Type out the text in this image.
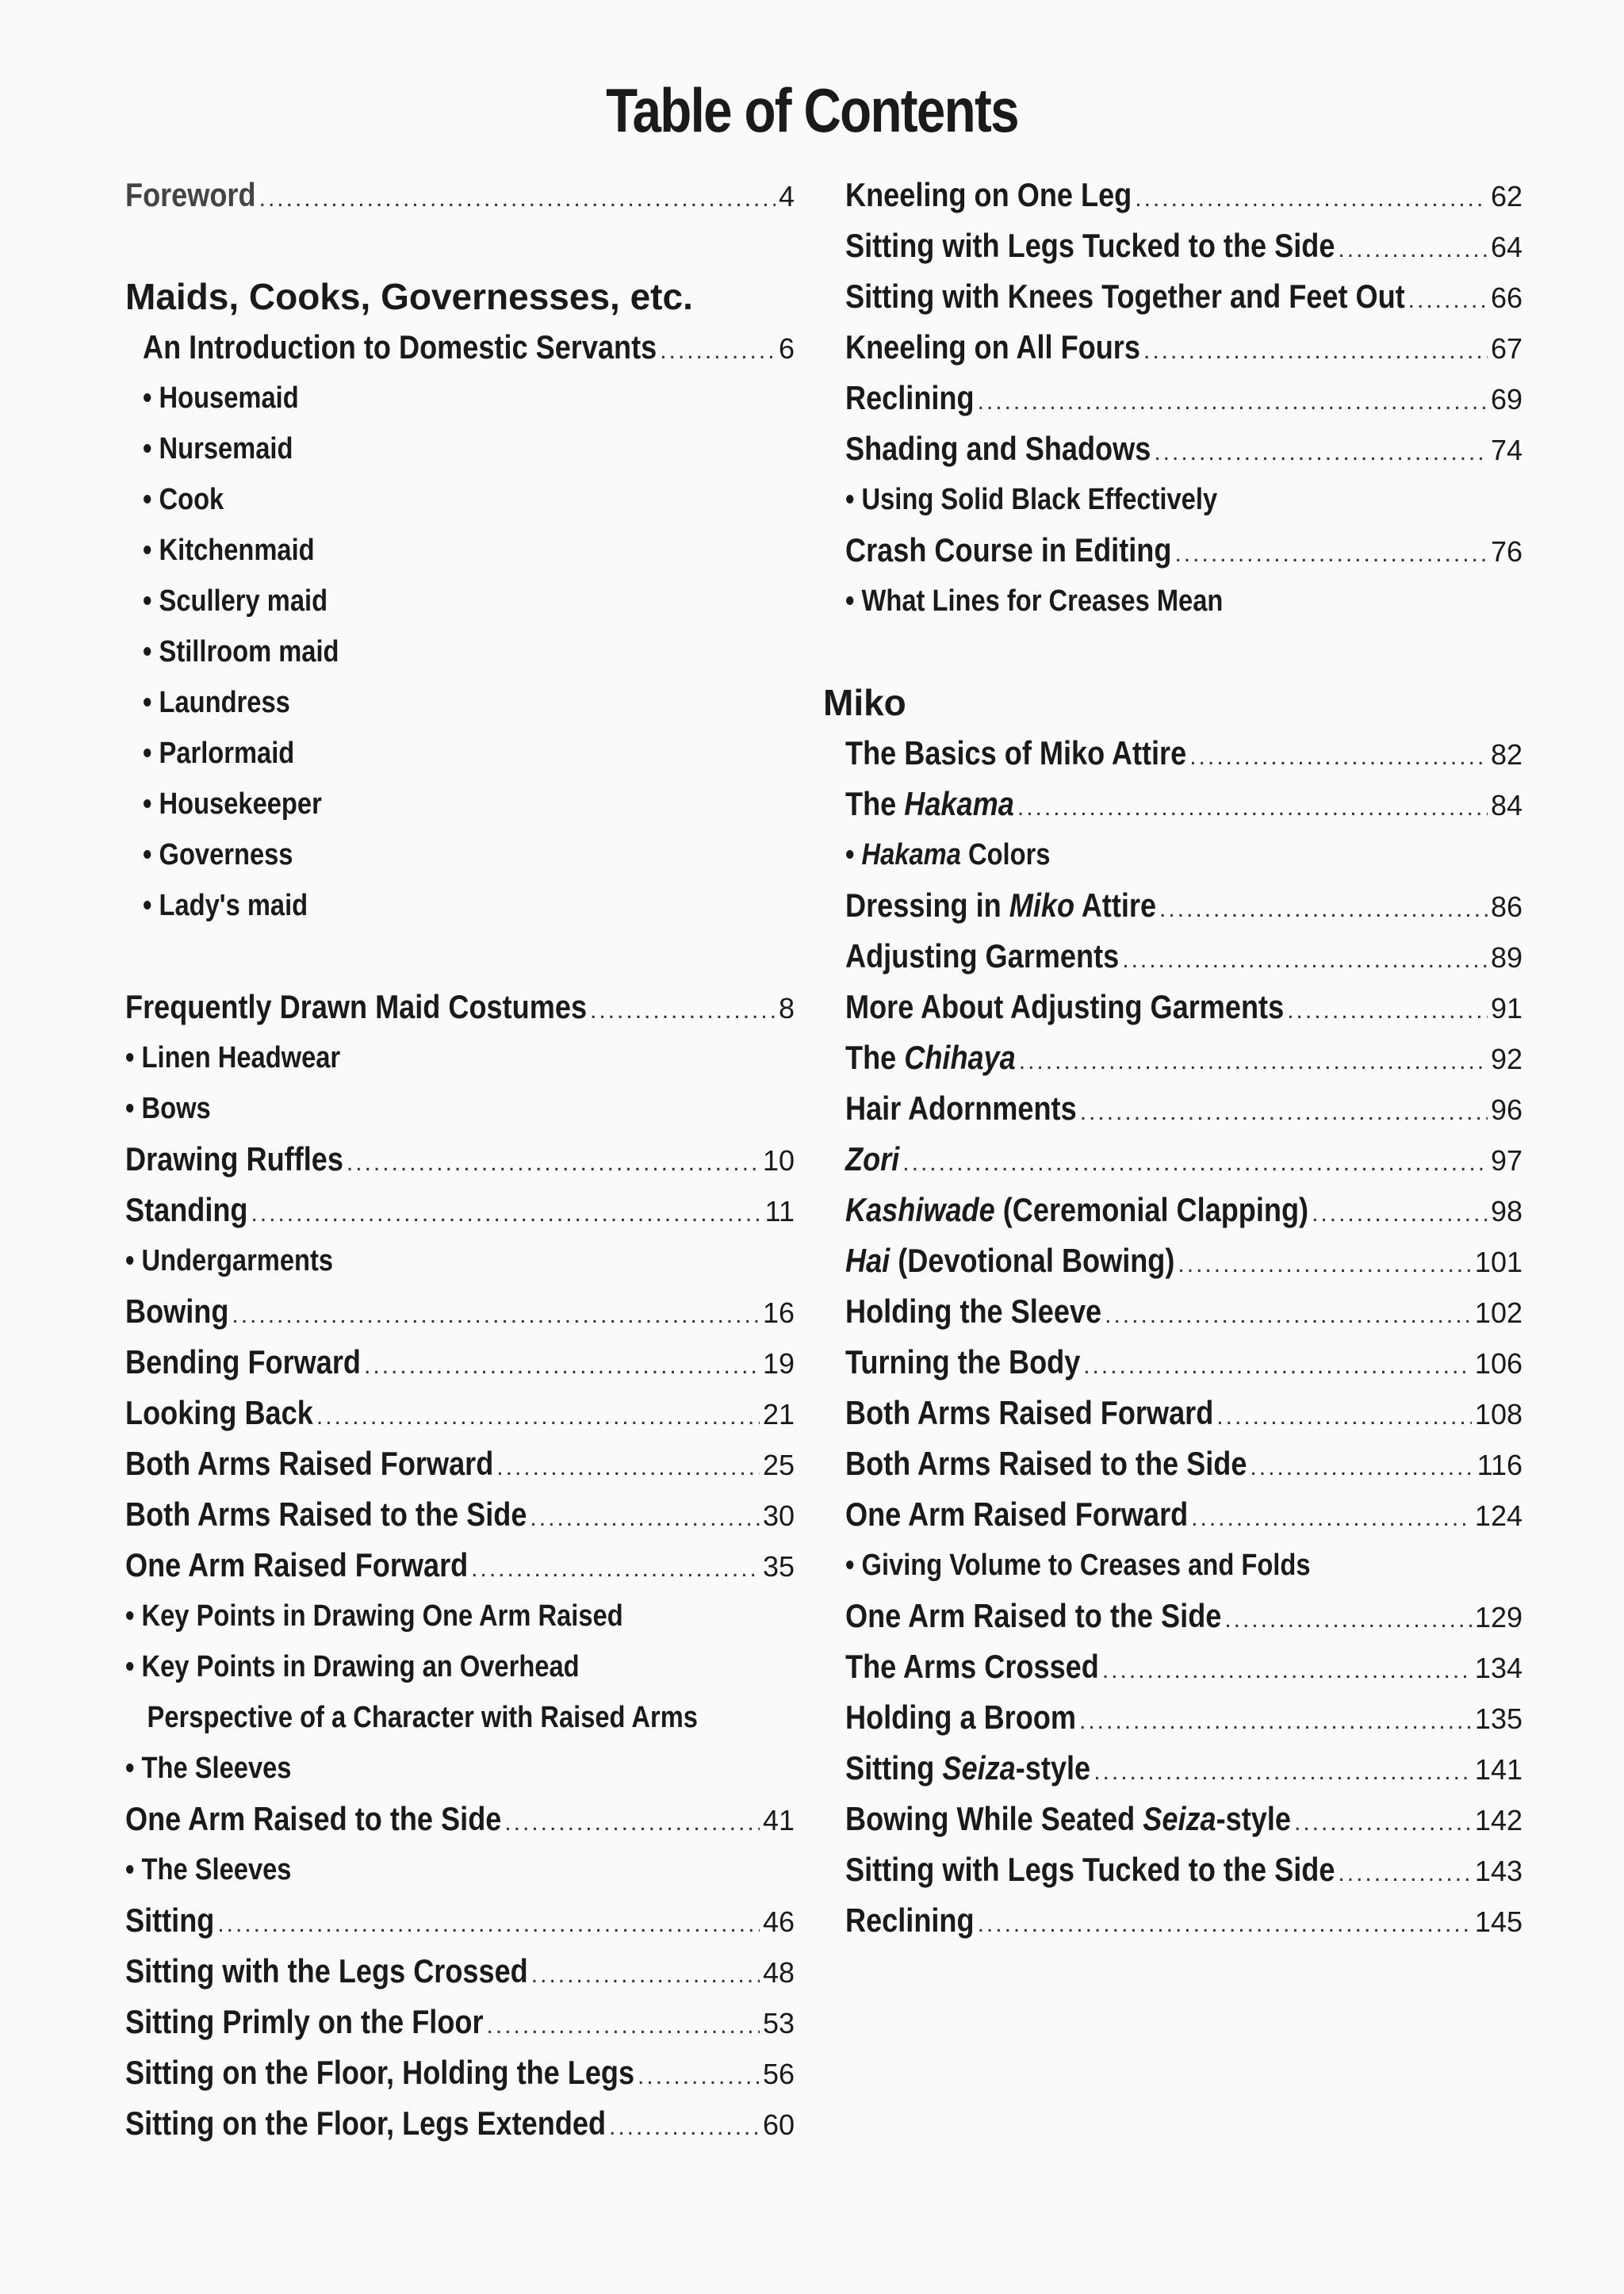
Table of Contents
Foreword .....	4
Maids, Cooks, Governesses, etc.
An Introduction to Domestic Servants .....	6
• Housemaid
• Nursemaid
• Cook
• Kitchenmaid
• Scullery maid
• Stillroom maid
• Laundress
• Parlormaid
• Housekeeper
• Governess
• Lady's maid
Frequently Drawn Maid Costumes .....	8
• Linen Headwear
• Bows
Drawing Ruffles .....	10
Standing .....	11
• Undergarments
Bowing .....	16
Bending Forward .....	19
Looking Back .....	21
Both Arms Raised Forward .....	25
Both Arms Raised to the Side .....	30
One Arm Raised Forward .....	35
• Key Points in Drawing One Arm Raised
• Key Points in Drawing an Overhead
Perspective of a Character with Raised Arms
• The Sleeves
One Arm Raised to the Side .....	41
• The Sleeves
Sitting .....	46
Sitting with the Legs Crossed .....	48
Sitting Primly on the Floor .....	53
Sitting on the Floor, Holding the Legs .....	56
Sitting on the Floor, Legs Extended .....	60
Kneeling on One Leg .....	62
Sitting with Legs Tucked to the Side .....	64
Sitting with Knees Together and Feet Out .....	66
Kneeling on All Fours .....	67
Reclining .....	69
Shading and Shadows .....	74
• Using Solid Black Effectively
Crash Course in Editing .....	76
• What Lines for Creases Mean
Miko
The Basics of Miko Attire .....	82
The Hakama .....	84
• Hakama Colors
Dressing in Miko Attire .....	86
Adjusting Garments .....	89
More About Adjusting Garments .....	91
The Chihaya .....	92
Hair Adornments .....	96
Zori .....	97
Kashiwade (Ceremonial Clapping) .....	98
Hai (Devotional Bowing) .....	101
Holding the Sleeve .....	102
Turning the Body .....	106
Both Arms Raised Forward .....	108
Both Arms Raised to the Side .....	116
One Arm Raised Forward .....	124
• Giving Volume to Creases and Folds
One Arm Raised to the Side .....	129
The Arms Crossed .....	134
Holding a Broom .....	135
Sitting Seiza-style .....	141
Bowing While Seated Seiza-style .....	142
Sitting with Legs Tucked to the Side .....	143
Reclining .....	145
